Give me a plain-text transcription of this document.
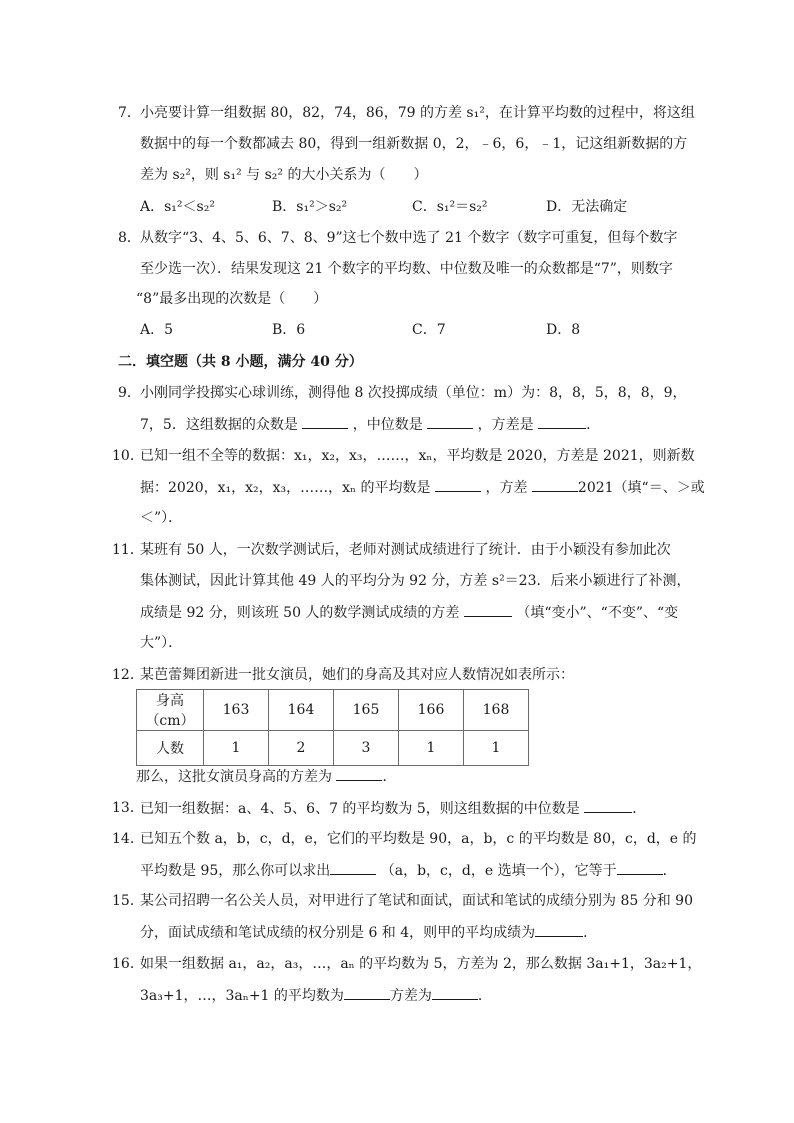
7． 小亮要计算一组数据 80，82，74，86，79 的方差 s₁²，在计算平均数的过程中，将这组
数据中的每一个数都减去 80，得到一组新数据 0，2，﹣6，6，﹣1，记这组新数据的方
差为 s₂²，则 s₁² 与 s₂² 的大小关系为（　　）
A．s₁²＜s₂²	B．s₁²＞s₂²	C．s₁²＝s₂²	D．无法确定
8． 从数字“3、4、5、6、7、8、9”这七个数中选了 21 个数字（数字可重复，但每个数字
至少选一次）．结果发现这 21 个数字的平均数、中位数及唯一的众数都是“7”，则数字
“8”最多出现的次数是（　　）
A．5	B．6	C．7	D．8
二．填空题（共 8 小题，满分 40 分）
9． 小刚同学投掷实心球训练，测得他 8 次投掷成绩（单位：m）为：8，8，5，8，8，9，
7，5．这组数据的众数是	，中位数是	，方差是	．
10．
已知一组不全等的数据：x₁，x₂，x₃，……，xₙ，平均数是 2020，方差是 2021，则新数
据：2020，x₁，x₂，x₃，……，xₙ 的平均数是	，方差	2021（填“＝、＞或
＜”）．
11．
某班有 50 人，一次数学测试后，老师对测试成绩进行了统计．由于小颖没有参加此次
集体测试，因此计算其他 49 人的平均分为 92 分，方差 s²＝23．后来小颖进行了补测，
成绩是 92 分，则该班 50 人的数学测试成绩的方差	（填“变小”、“不变”、“变
大”）．
12．
某芭蕾舞团新进一批女演员，她们的身高及其对应人数情况如表所示：
身高（cm）	163	164	165	166	168
人数	1	2	3	1	1
那么，这批女演员身高的方差为	．
13．
已知一组数据：a、4、5、6、7 的平均数为 5，则这组数据的中位数是	．
14．
已知五个数 a，b，c，d，e，它们的平均数是 90，a，b，c 的平均数是 80，c，d，e 的
平均数是 95，那么你可以求出	（a，b，c，d，e 选填一个），它等于	．
15．
某公司招聘一名公关人员，对甲进行了笔试和面试，面试和笔试的成绩分别为 85 分和 90
分，面试成绩和笔试成绩的权分别是 6 和 4，则甲的平均成绩为	．
16．
如果一组数据 a₁，a₂，a₃，…，aₙ 的平均数为 5，方差为 2，那么数据 3a₁+1，3a₂+1，
3a₃+1，…，3aₙ+1 的平均数为	方差为	．
